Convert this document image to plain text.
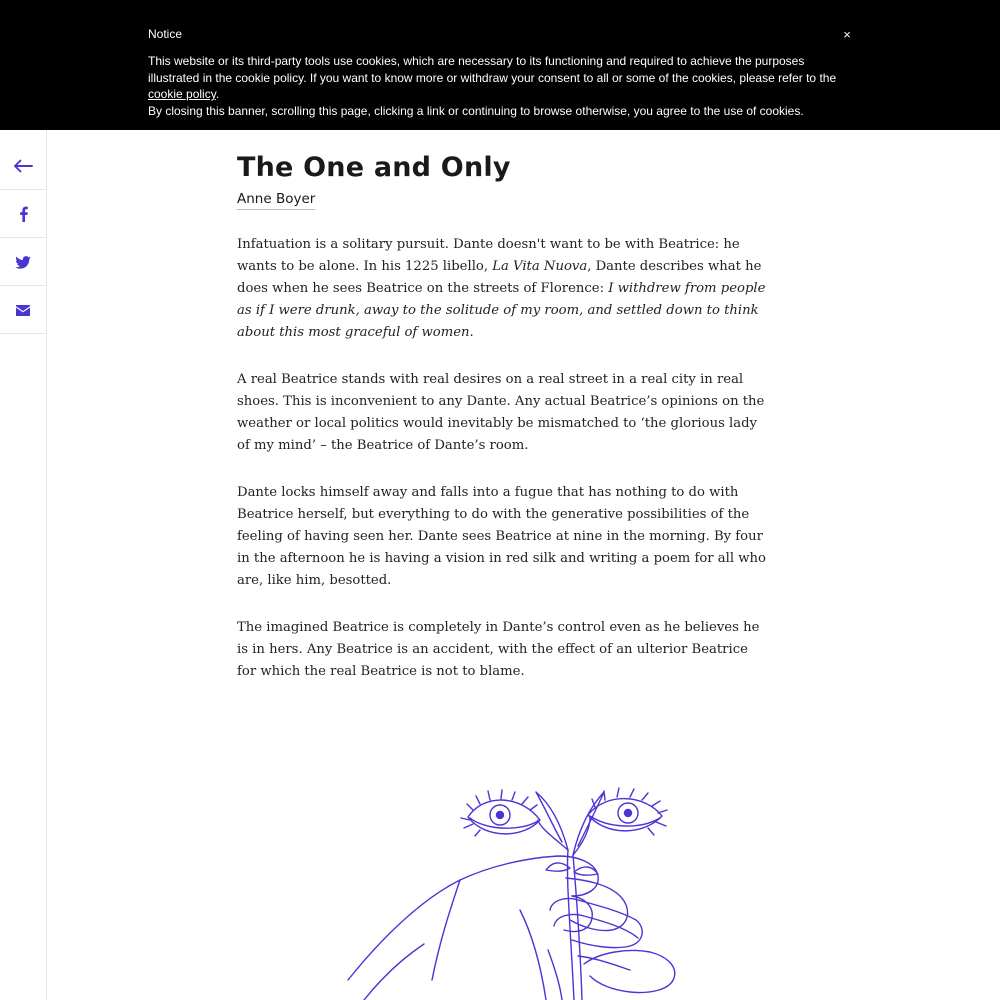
Notice	×
This website or its third-party tools use cookies, which are necessary to its functioning and required to achieve the purposes illustrated in the cookie policy. If you want to know more or withdraw your consent to all or some of the cookies, please refer to the cookie policy.
By closing this banner, scrolling this page, clicking a link or continuing to browse otherwise, you agree to the use of cookies.
The One and Only
Anne Boyer

Infatuation is a solitary pursuit. Dante doesn't want to be with Beatrice: he wants to be alone. In his 1225 libello, La Vita Nuova, Dante describes what he does when he sees Beatrice on the streets of Florence: I withdrew from people as if I were drunk, away to the solitude of my room, and settled down to think about this most graceful of women.

A real Beatrice stands with real desires on a real street in a real city in real shoes. This is inconvenient to any Dante. Any actual Beatrice’s opinions on the weather or local politics would inevitably be mismatched to ‘the glorious lady of my mind’ – the Beatrice of Dante’s room.

Dante locks himself away and falls into a fugue that has nothing to do with Beatrice herself, but everything to do with the generative possibilities of the feeling of having seen her. Dante sees Beatrice at nine in the morning. By four in the afternoon he is having a vision in red silk and writing a poem for all who are, like him, besotted.

The imagined Beatrice is completely in Dante’s control even as he believes he is in hers. Any Beatrice is an accident, with the effect of an ulterior Beatrice for which the real Beatrice is not to blame.
